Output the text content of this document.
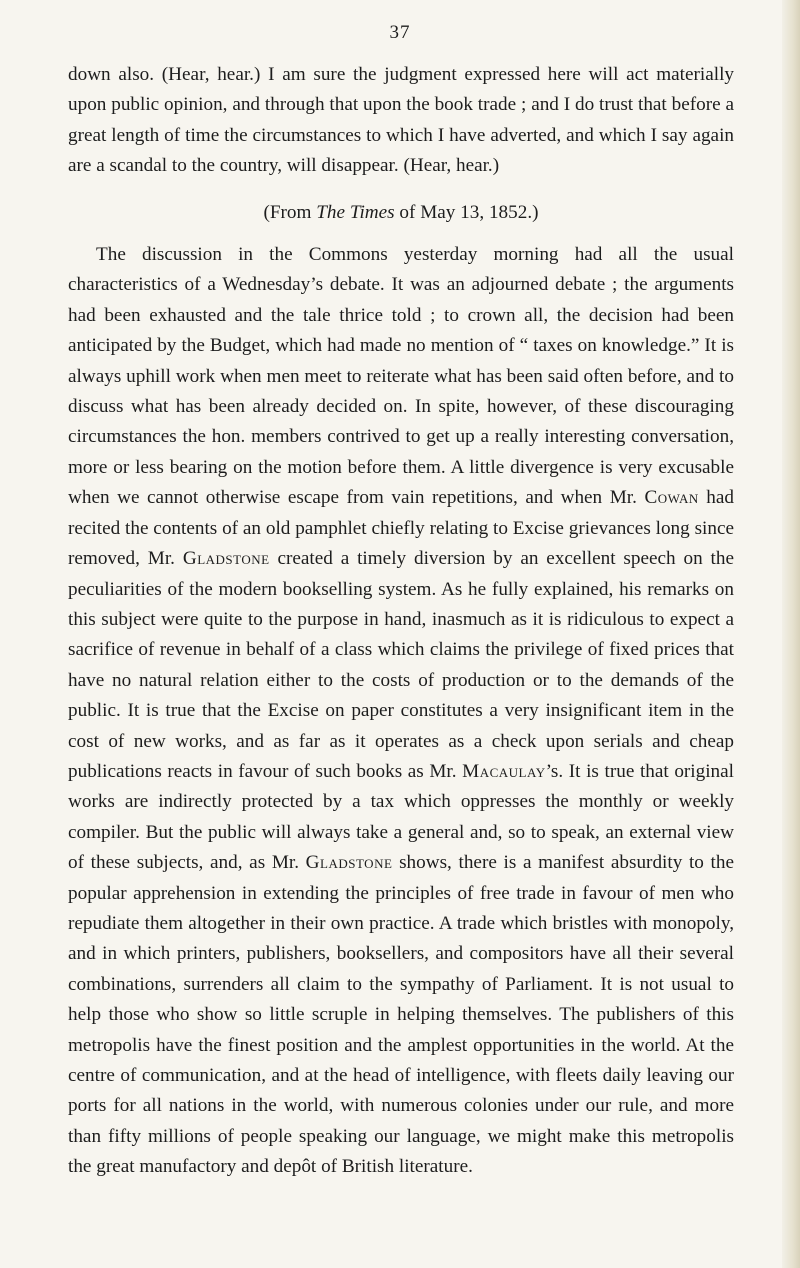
37

down also. (Hear, hear.) I am sure the judgment expressed here will act materially upon public opinion, and through that upon the book trade ; and I do trust that before a great length of time the circumstances to which I have adverted, and which I say again are a scandal to the country, will disappear. (Hear, hear.)

(From The Times of May 13, 1852.)

The discussion in the Commons yesterday morning had all the usual characteristics of a Wednesday’s debate. It was an adjourned debate ; the arguments had been exhausted and the tale thrice told ; to crown all, the decision had been anticipated by the Budget, which had made no mention of “ taxes on knowledge.” It is always uphill work when men meet to reiterate what has been said often before, and to discuss what has been already decided on. In spite, however, of these discouraging circumstances the hon. members contrived to get up a really interesting conversation, more or less bearing on the motion before them. A little divergence is very excusable when we cannot otherwise escape from vain repetitions, and when Mr. Cowan had recited the contents of an old pamphlet chiefly relating to Excise grievances long since removed, Mr. Gladstone created a timely diversion by an excellent speech on the peculiarities of the modern bookselling system. As he fully explained, his remarks on this subject were quite to the purpose in hand, inasmuch as it is ridiculous to expect a sacrifice of revenue in behalf of a class which claims the privilege of fixed prices that have no natural relation either to the costs of production or to the demands of the public. It is true that the Excise on paper constitutes a very insignificant item in the cost of new works, and as far as it operates as a check upon serials and cheap publications reacts in favour of such books as Mr. Macaulay’s. It is true that original works are indirectly protected by a tax which oppresses the monthly or weekly compiler. But the public will always take a general and, so to speak, an external view of these subjects, and, as Mr. Gladstone shows, there is a manifest absurdity to the popular apprehension in extending the principles of free trade in favour of men who repudiate them altogether in their own practice. A trade which bristles with monopoly, and in which printers, publishers, booksellers, and compositors have all their several combinations, surrenders all claim to the sympathy of Parliament. It is not usual to help those who show so little scruple in helping themselves. The publishers of this metropolis have the finest position and the amplest opportunities in the world. At the centre of communication, and at the head of intelligence, with fleets daily leaving our ports for all nations in the world, with numerous colonies under our rule, and more than fifty millions of people speaking our language, we might make this metropolis the great manufactory and depôt of British literature.
